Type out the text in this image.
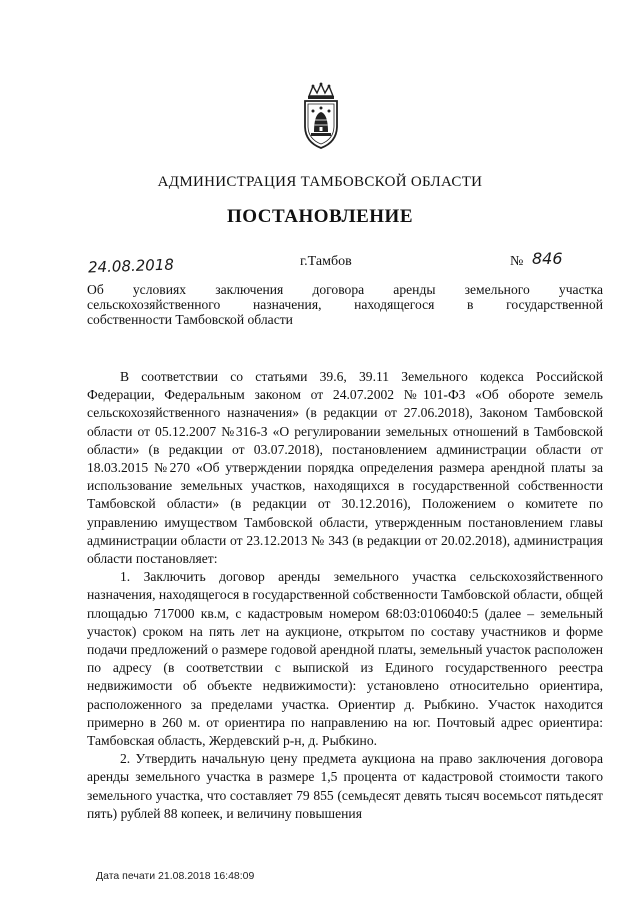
АДМИНИСТРАЦИЯ ТАМБОВСКОЙ ОБЛАСТИ
ПОСТАНОВЛЕНИЕ
24.08.2018	г.Тамбов	№ 846
Об условиях заключения договора аренды земельного участка
сельскохозяйственного назначения, находящегося в государственной
собственности Тамбовской области

В соответствии со статьями 39.6, 39.11 Земельного кодекса Российской Федерации, Федеральным законом от 24.07.2002 №101-ФЗ «Об обороте земель сельскохозяйственного назначения» (в редакции от 27.06.2018), Законом Тамбовской области от 05.12.2007 №316-З «О регулировании земельных отношений в Тамбовской области» (в редакции от 03.07.2018), постановлением администрации области от 18.03.2015 №270 «Об утверждении порядка определения размера арендной платы за использование земельных участков, находящихся в государственной собственности Тамбовской области» (в редакции от 30.12.2016), Положением о комитете по управлению имуществом Тамбовской области, утвержденным постановлением главы администрации области от 23.12.2013 № 343 (в редакции от 20.02.2018), администрация области постановляет:

1. Заключить договор аренды земельного участка сельскохозяйственного назначения, находящегося в государственной собственности Тамбовской области, общей площадью 717000 кв.м, с кадастровым номером 68:03:0106040:5 (далее – земельный участок) сроком на пять лет на аукционе, открытом по составу участников и форме подачи предложений о размере годовой арендной платы, земельный участок расположен по адресу (в соответствии с выпиской из Единого государственного реестра недвижимости об объекте недвижимости): установлено относительно ориентира, расположенного за пределами участка. Ориентир д. Рыбкино. Участок находится примерно в 260 м. от ориентира по направлению на юг. Почтовый адрес ориентира: Тамбовская область, Жердевский р-н, д. Рыбкино.

2. Утвердить начальную цену предмета аукциона на право заключения договора аренды земельного участка в размере 1,5 процента от кадастровой стоимости такого земельного участка, что составляет 79 855 (семьдесят девять тысяч восемьсот пятьдесят пять) рублей 88 копеек, и величину повышения

Дата печати 21.08.2018 16:48:09
